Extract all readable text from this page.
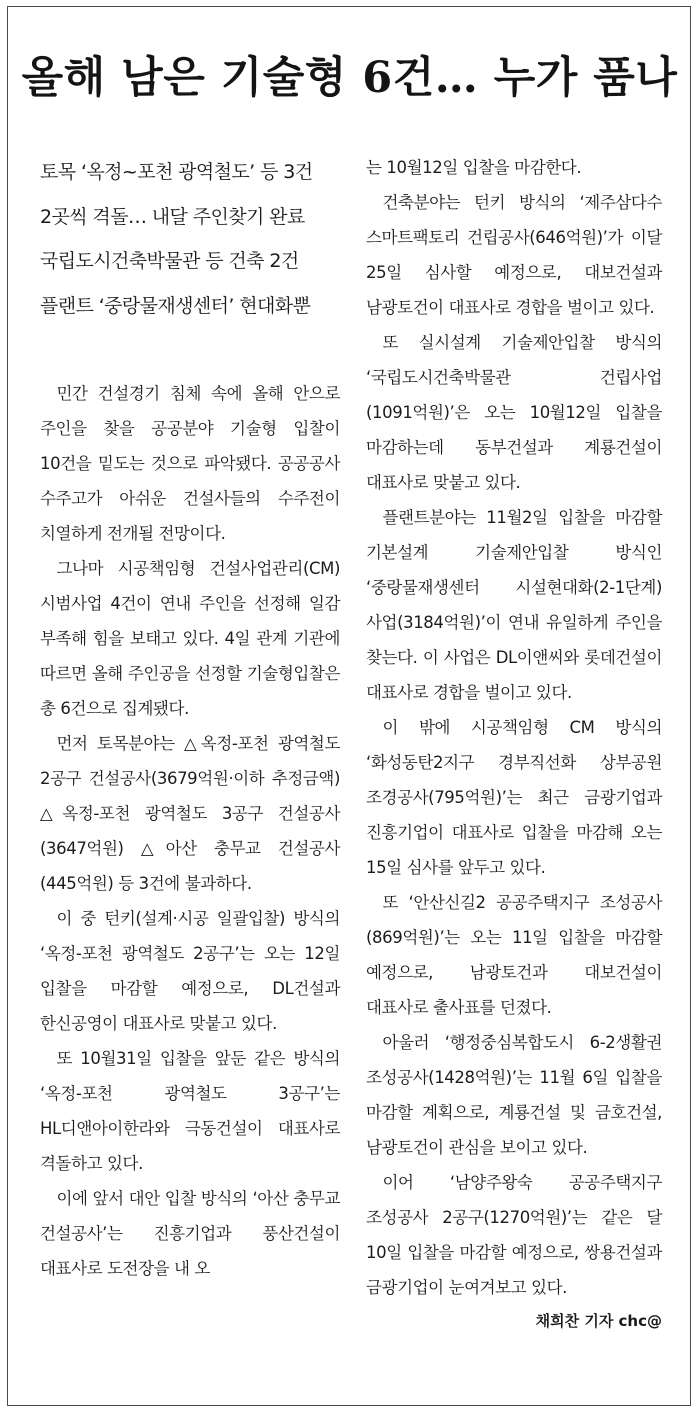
올해 남은 기술형 6건… 누가 품나
토목 ‘옥정~포천 광역철도’ 등 3건
2곳씩 격돌… 내달 주인찾기 완료
국립도시건축박물관 등 건축 2건
플랜트 ‘중랑물재생센터’ 현대화뿐

민간 건설경기 침체 속에 올해 안으로 주인을 찾을 공공분야 기술형 입찰이 10건을 밑도는 것으로 파악됐다. 공공공사 수주고가 아쉬운 건설사들의 수주전이 치열하게 전개될 전망이다.

그나마 시공책임형 건설사업관리(CM) 시범사업 4건이 연내 주인을 선정해 일감 부족해 힘을 보태고 있다. 4일 관계 기관에 따르면 올해 주인공을 선정할 기술형입찰은 총 6건으로 집계됐다.

먼저 토목분야는 △옥정-포천 광역철도 2공구 건설공사(3679억원·이하 추정금액) △옥정-포천 광역철도 3공구 건설공사(3647억원) △아산 충무교 건설공사(445억원) 등 3건에 불과하다.

이 중 턴키(설계·시공 일괄입찰) 방식의 ‘옥정-포천 광역철도 2공구’는 오는 12일 입찰을 마감할 예정으로, DL건설과 한신공영이 대표사로 맞붙고 있다.

또 10월31일 입찰을 앞둔 같은 방식의 ‘옥정-포천 광역철도 3공구’는 HL디앤아이한라와 극동건설이 대표사로 격돌하고 있다.

이에 앞서 대안 입찰 방식의 ‘아산 충무교 건설공사’는 진흥기업과 풍산건설이 대표사로 도전장을 내 오

는 10월12일 입찰을 마감한다.

건축분야는 턴키 방식의 ‘제주삼다수 스마트팩토리 건립공사(646억원)’가 이달 25일 심사할 예정으로, 대보건설과 남광토건이 대표사로 경합을 벌이고 있다.

또 실시설계 기술제안입찰 방식의 ‘국립도시건축박물관 건립사업(1091억원)’은 오는 10월12일 입찰을 마감하는데 동부건설과 계룡건설이 대표사로 맞붙고 있다.

플랜트분야는 11월2일 입찰을 마감할 기본설계 기술제안입찰 방식인 ‘중랑물재생센터 시설현대화(2-1단계)사업(3184억원)’이 연내 유일하게 주인을 찾는다. 이 사업은 DL이앤씨와 롯데건설이 대표사로 경합을 벌이고 있다.

이 밖에 시공책임형 CM 방식의 ‘화성동탄2지구 경부직선화 상부공원 조경공사(795억원)’는 최근 금광기업과 진흥기업이 대표사로 입찰을 마감해 오는 15일 심사를 앞두고 있다.

또 ‘안산신길2 공공주택지구 조성공사(869억원)’는 오는 11일 입찰을 마감할 예정으로, 남광토건과 대보건설이 대표사로 출사표를 던졌다.

아울러 ‘행정중심복합도시 6-2생활권 조성공사(1428억원)’는 11월 6일 입찰을 마감할 계획으로, 계룡건설 및 금호건설, 남광토건이 관심을 보이고 있다.

이어 ‘남양주왕숙 공공주택지구 조성공사 2공구(1270억원)’는 같은 달 10일 입찰을 마감할 예정으로, 쌍용건설과 금광기업이 눈여겨보고 있다.

채희찬 기자 chc@
